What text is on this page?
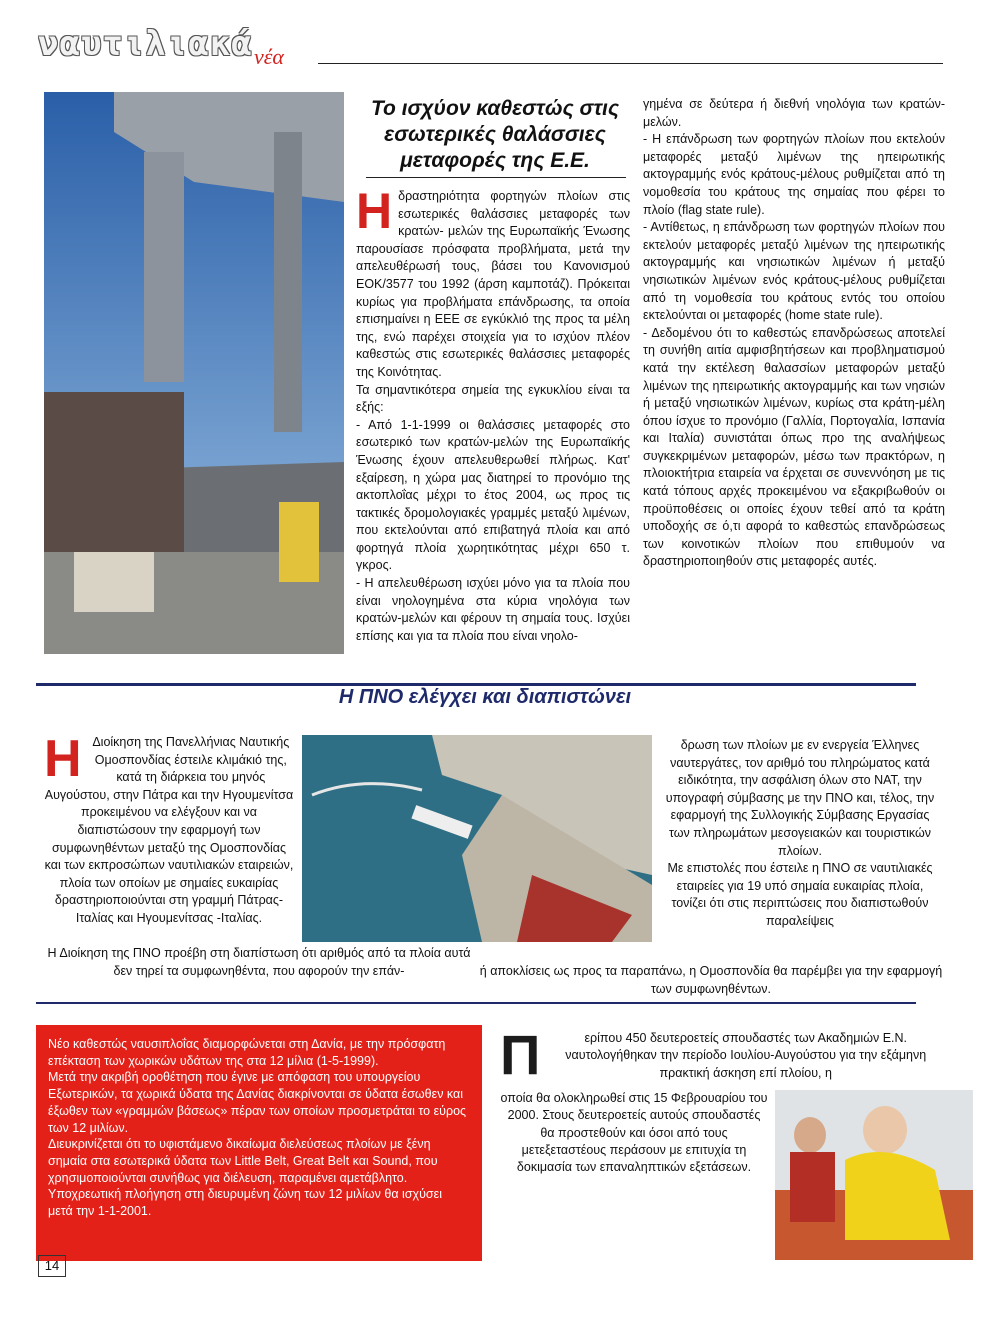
ναυτιλιακά νέα
Το ισχύον καθεστώς στις εσωτερικές θαλάσσιες μεταφορές της Ε.Ε.

Ηδραστηριότητα φορτηγών πλοίων στις εσωτερικές θαλάσσιες μεταφορές των κρατών- μελών της Ευρωπαϊκής Ένωσης παρουσίασε πρόσφατα προβλήματα, μετά την απελευθέρωσή τους, βάσει του Κανονισμού ΕΟΚ/3577 του 1992 (άρση καμποτάζ). Πρόκειται κυρίως για προβλήματα επάνδρωσης, τα οποία επισημαίνει η ΕΕΕ σε εγκύκλιό της προς τα μέλη της, ενώ παρέχει στοιχεία για το ισχύον πλέον καθεστώς στις εσωτερικές θαλάσσιες μεταφορές της Κοινότητας.

Τα σημαντικότερα σημεία της εγκυκλίου είναι τα εξής:

- Από 1-1-1999 οι θαλάσσιες μεταφορές στο εσωτερικό των κρατών-μελών της Ευρωπαϊκής Ένωσης έχουν απελευθερωθεί πλήρως. Κατ' εξαίρεση, η χώρα μας διατηρεί το προνόμιο της ακτοπλοΐας μέχρι το έτος 2004, ως προς τις τακτικές δρομολογιακές γραμμές μεταξύ λιμένων, που εκτελούνται από επιβατηγά πλοία και από φορτηγά πλοία χωρητικότητας μέχρι 650 τ. γκρος.

- Η απελευθέρωση ισχύει μόνο για τα πλοία που είναι νηολογημένα στα κύρια νηολόγια των κρατών-μελών και φέρουν τη σημαία τους. Ισχύει επίσης και για τα πλοία που είναι νηολο-

γημένα σε δεύτερα ή διεθνή νηολόγια των κρατών-μελών.

- Η επάνδρωση των φορτηγών πλοίων που εκτελούν μεταφορές μεταξύ λιμένων της ηπειρωτικής ακτογραμμής ενός κράτους-μέλους ρυθμίζεται από τη νομοθεσία του κράτους της σημαίας που φέρει το πλοίο (flag state rule).

- Αντίθετως, η επάνδρωση των φορτηγών πλοίων που εκτελούν μεταφορές μεταξύ λιμένων της ηπειρωτικής ακτογραμμής και νησιωτικών λιμένων ή μεταξύ νησιωτικών λιμένων ενός κράτους-μέλους ρυθμίζεται από τη νομοθεσία του κράτους εντός του οποίου εκτελούνται οι μεταφορές (home state rule).

- Δεδομένου ότι το καθεστώς επανδρώσεως αποτελεί τη συνήθη αιτία αμφισβητήσεων και προβληματισμού κατά την εκτέλεση θαλασσίων μεταφορών μεταξύ λιμένων της ηπειρωτικής ακτογραμμής και των νησιών ή μεταξύ νησιωτικών λιμένων, κυρίως στα κράτη-μέλη όπου ίσχυε το προνόμιο (Γαλλία, Πορτογαλία, Ισπανία και Ιταλία) συνιστάται όπως προ της αναλήψεως συγκεκριμένων μεταφορών, μέσω των πρακτόρων, η πλοιοκτήτρια εταιρεία να έρχεται σε συνεννόηση με τις κατά τόπους αρχές προκειμένου να εξακριβωθούν οι προϋποθέσεις οι οποίες έχουν τεθεί από τα κράτη υποδοχής σε ό,τι αφορά το καθεστώς επανδρώσεως των κοινοτικών πλοίων που επιθυμούν να δραστηριοποιηθούν στις μεταφορές αυτές.

Η ΠΝΟ ελέγχει και διαπιστώνει
Η Διοίκηση της Πανελλήνιας Ναυτικής Ομοσπονδίας έστειλε κλιμάκιό της, κατά τη διάρκεια του μηνός Αυγούστου, στην Πάτρα και την Ηγουμενίτσα προκειμένου να ελέγξουν και να διαπιστώσουν την εφαρμογή των συμφωνηθέντων μεταξύ της Ομοσπονδίας και των εκπροσώπων ναυτιλιακών εταιρειών, πλοία των οποίων με σημαίες ευκαιρίας δραστηριοποιούνται στη γραμμή Πάτρας-Ιταλίας και Ηγουμενίτσας -Ιταλίας.
Η Διοίκηση της ΠΝΟ προέβη στη διαπίστωση ότι αριθμός από τα πλοία αυτά δεν τηρεί τα συμφωνηθέντα, που αφορούν την επάν-
δρωση των πλοίων με εν ενεργεία Έλληνες ναυτεργάτες, τον αριθμό του πληρώματος κατά ειδικότητα, την ασφάλιση όλων στο ΝΑΤ, την υπογραφή σύμβασης με την ΠΝΟ και, τέλος, την εφαρμογή της Συλλογικής Σύμβασης Εργασίας των πληρωμάτων μεσογειακών και τουριστικών πλοίων.
Με επιστολές που έστειλε η ΠΝΟ σε ναυτιλιακές εταιρείες για 19 υπό σημαία ευκαιρίας πλοία, τονίζει ότι στις περιπτώσεις που διαπιστωθούν παραλείψεις
ή αποκλίσεις ως προς τα παραπάνω, η Ομοσπονδία θα παρέμβει για την εφαρμογή των συμφωνηθέντων.

Νέο καθεστώς ναυσιπλοΐας διαμορφώνεται στη Δανία, με την πρόσφατη επέκταση των χωρικών υδάτων της στα 12 μίλια (1-5-1999).

Μετά την ακριβή οροθέτηση που έγινε με απόφαση του υπουργείου Εξωτερικών, τα χωρικά ύδατα της Δανίας διακρίνονται σε ύδατα έσωθεν και έξωθεν των «γραμμών βάσεως» πέραν των οποίων προσμετράται το εύρος των 12 μιλίων.

Διευκρινίζεται ότι το υφιστάμενο δικαίωμα διελεύσεως πλοίων με ξένη σημαία στα εσωτερικά ύδατα των Little Belt, Great Belt και Sound, που χρησιμοποιούνται συνήθως για διέλευση, παραμένει αμετάβλητο.

Υποχρεωτική πλοήγηση στη διευρυμένη ζώνη των 12 μιλίων θα ισχύσει μετά την 1-1-2001.

Π	ερίπου 450 δευτεροετείς σπουδαστές των Ακαδημιών Ε.Ν. ναυτολογήθηκαν την περίοδο Ιουλίου-Αυγούστου για την εξάμηνη πρακτική άσκηση επί πλοίου, η
οποία θα ολοκληρωθεί στις 15 Φεβρουαρίου του 2000. Στους δευτεροετείς αυτούς σπουδαστές θα προστεθούν και όσοι από τους μετεξεταστέους περάσουν με επιτυχία τη δοκιμασία των επαναληπτικών εξετάσεων.
14
